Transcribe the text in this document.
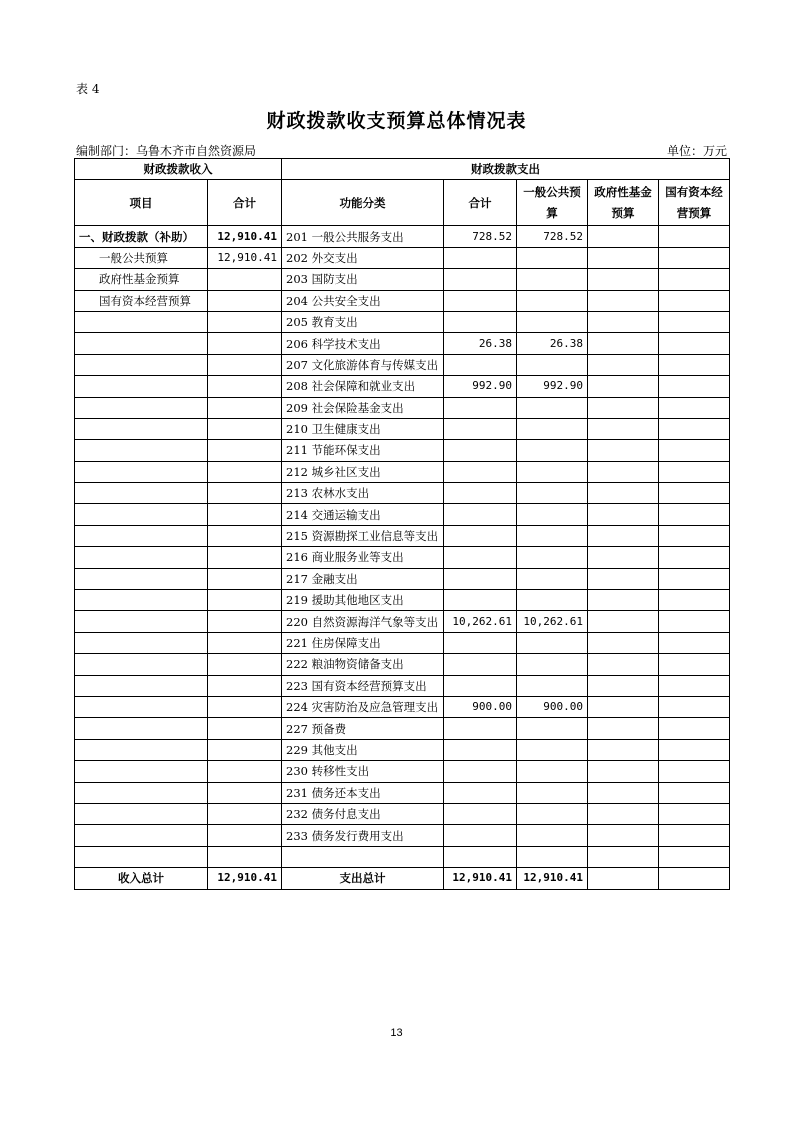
表 4
财政拨款收支预算总体情况表
编制部门：乌鲁木齐市自然资源局	单位：万元
财政拨款收入		财政拨款支出				
项目	合计	功能分类	合计	一般公共预算	政府性基金预算	国有资本经营预算
一、财政拨款（补助）	12,910.41	201 一般公共服务支出	728.52	728.52		
一般公共预算	12,910.41	202 外交支出				
政府性基金预算		203 国防支出				
国有资本经营预算		204 公共安全支出				
		205 教育支出				
		206 科学技术支出	26.38	26.38		
		207 文化旅游体育与传媒支出				
		208 社会保障和就业支出	992.90	992.90		
		209 社会保险基金支出				
		210 卫生健康支出				
		211 节能环保支出				
		212 城乡社区支出				
		213 农林水支出				
		214 交通运输支出				
		215 资源勘探工业信息等支出				
		216 商业服务业等支出				
		217 金融支出				
		219 援助其他地区支出				
		220 自然资源海洋气象等支出	10,262.61	10,262.61		
		221 住房保障支出				
		222 粮油物资储备支出				
		223 国有资本经营预算支出				
		224 灾害防治及应急管理支出	900.00	900.00		
		227 预备费				
		229 其他支出				
		230 转移性支出				
		231 债务还本支出				
		232 债务付息支出				
		233 债务发行费用支出				

收入总计	12,910.41	支出总计	12,910.41	12,910.41		
13
